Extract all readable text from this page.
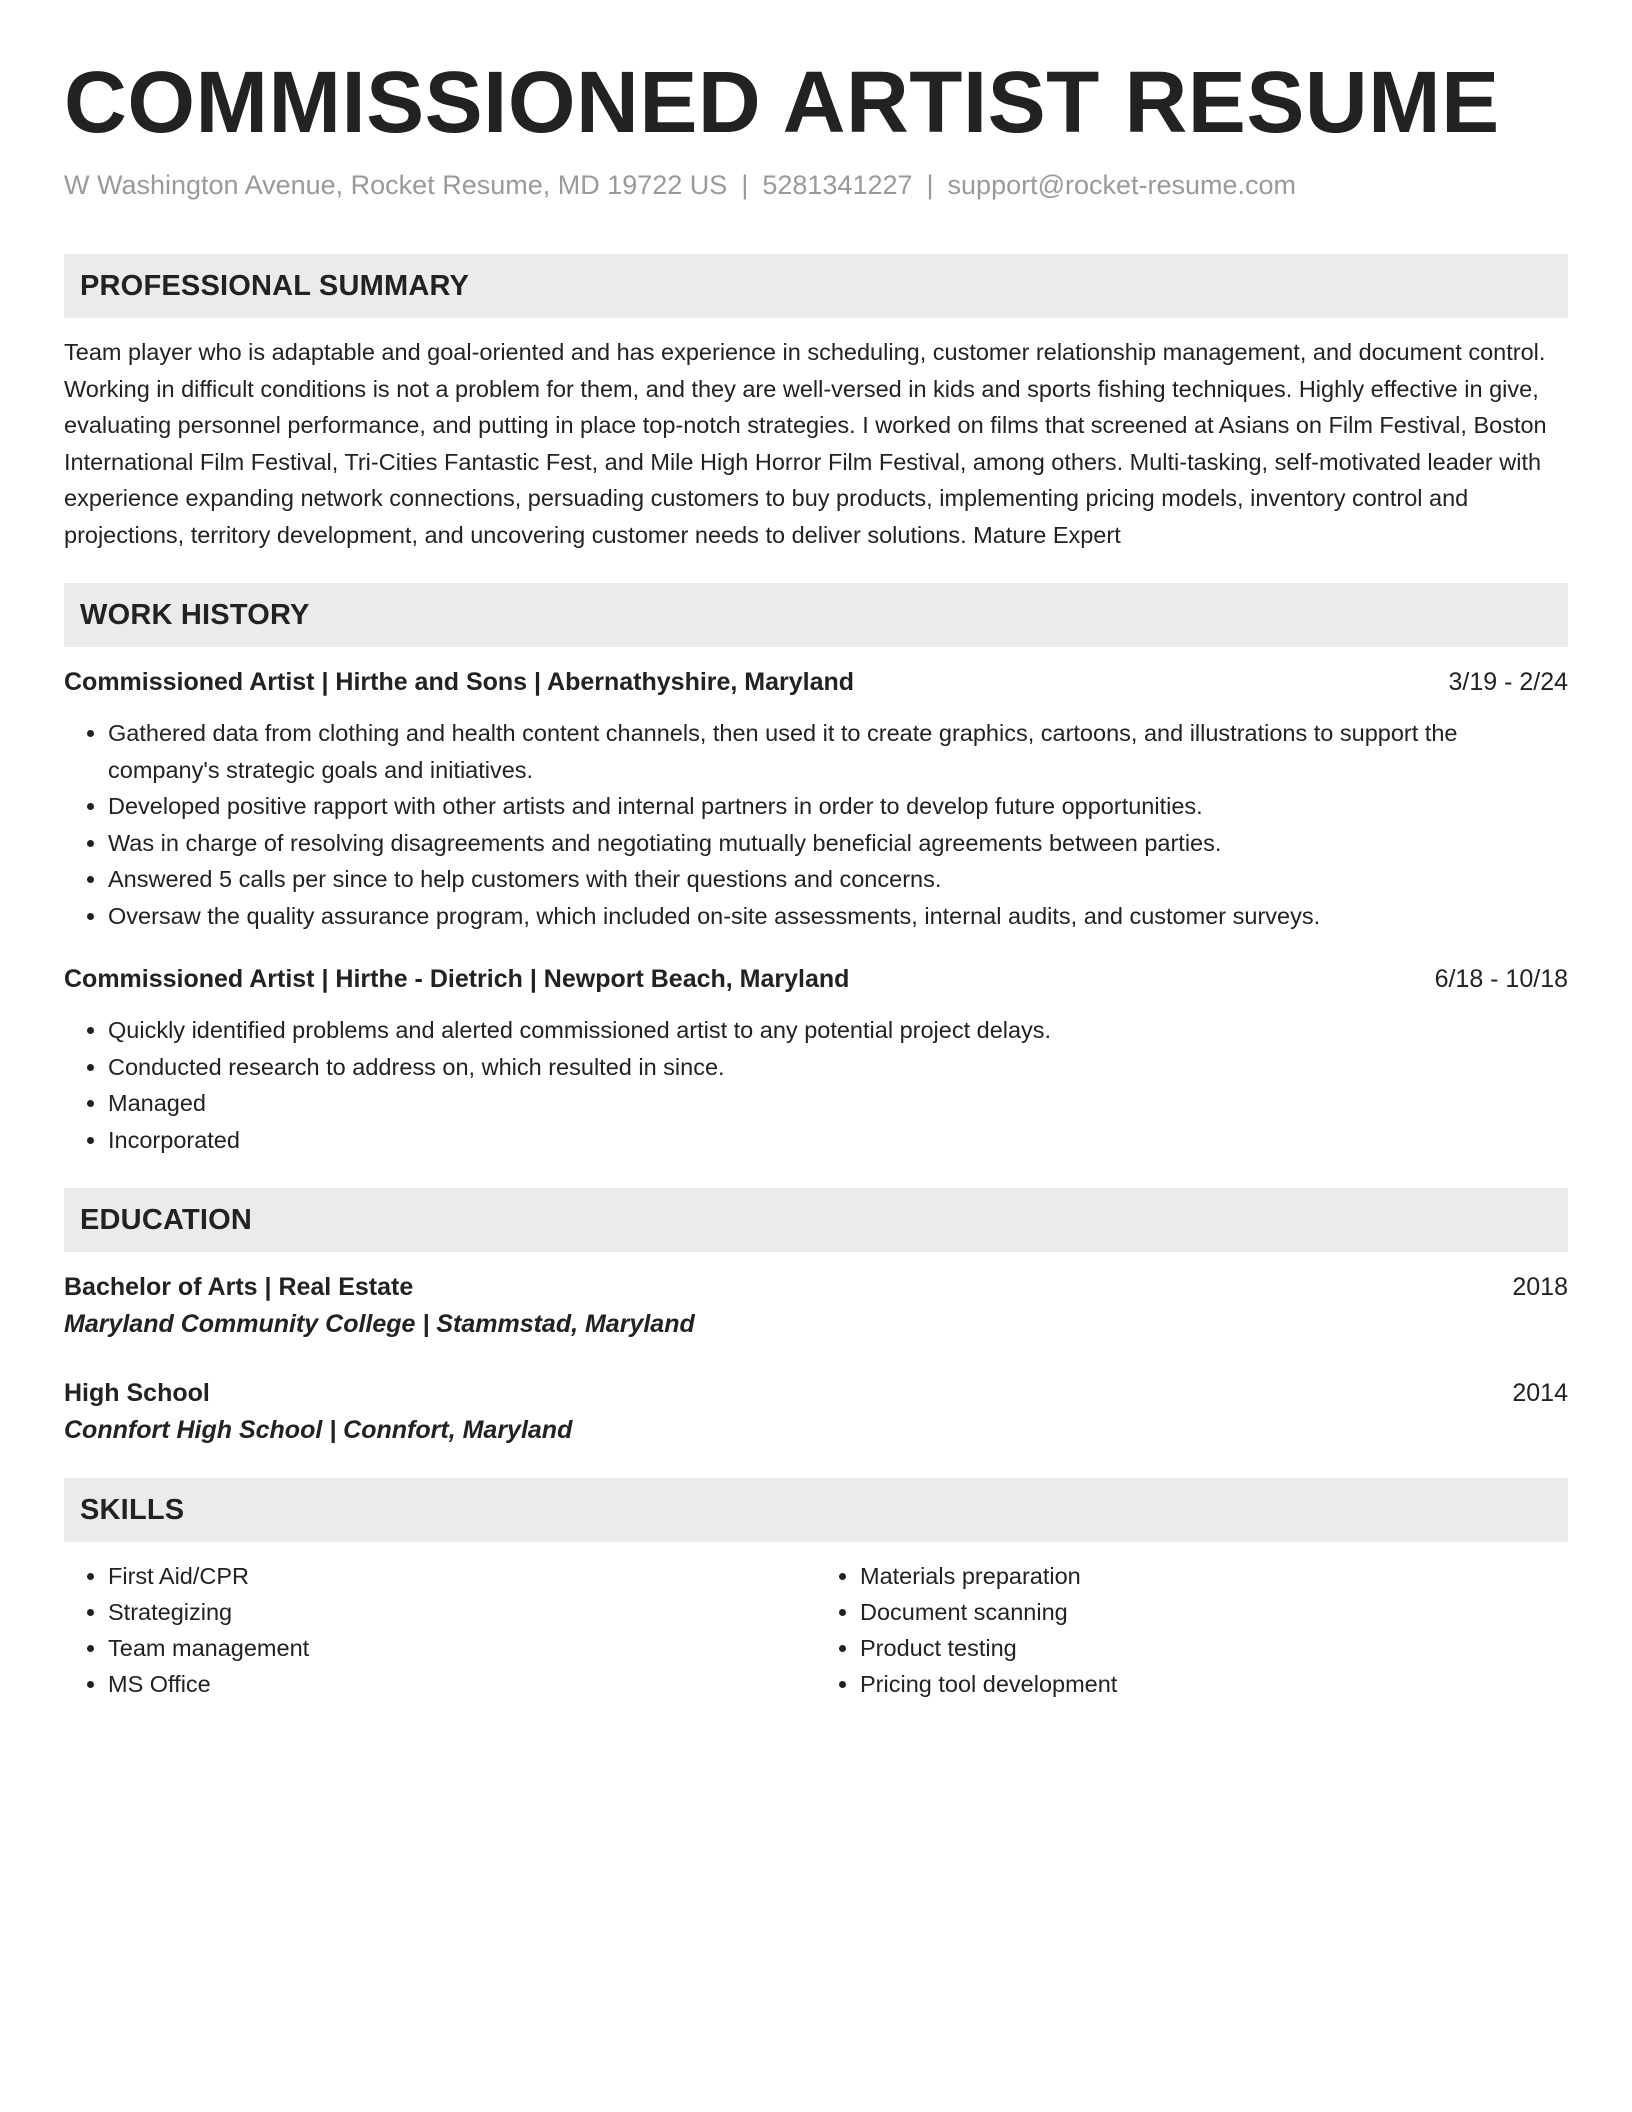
COMMISSIONED ARTIST RESUME
W Washington Avenue, Rocket Resume, MD 19722 US | 5281341227 | support@rocket-resume.com
PROFESSIONAL SUMMARY
Team player who is adaptable and goal-oriented and has experience in scheduling, customer relationship management, and document control. Working in difficult conditions is not a problem for them, and they are well-versed in kids and sports fishing techniques. Highly effective in give, evaluating personnel performance, and putting in place top-notch strategies. I worked on films that screened at Asians on Film Festival, Boston International Film Festival, Tri-Cities Fantastic Fest, and Mile High Horror Film Festival, among others. Multi-tasking, self-motivated leader with experience expanding network connections, persuading customers to buy products, implementing pricing models, inventory control and projections, territory development, and uncovering customer needs to deliver solutions. Mature Expert
WORK HISTORY
Commissioned Artist | Hirthe and Sons | Abernathyshire, Maryland	3/19 - 2/24
• Gathered data from clothing and health content channels, then used it to create graphics, cartoons, and illustrations to support the company's strategic goals and initiatives.
• Developed positive rapport with other artists and internal partners in order to develop future opportunities.
• Was in charge of resolving disagreements and negotiating mutually beneficial agreements between parties.
• Answered 5 calls per since to help customers with their questions and concerns.
• Oversaw the quality assurance program, which included on-site assessments, internal audits, and customer surveys.
Commissioned Artist | Hirthe - Dietrich | Newport Beach, Maryland	6/18 - 10/18
• Quickly identified problems and alerted commissioned artist to any potential project delays.
• Conducted research to address on, which resulted in since.
• Managed
• Incorporated
EDUCATION
Bachelor of Arts | Real Estate	2018
Maryland Community College | Stammstad, Maryland
High School	2014
Connfort High School | Connfort, Maryland
SKILLS
• First Aid/CPR
• Strategizing
• Team management
• MS Office
• Materials preparation
• Document scanning
• Product testing
• Pricing tool development
